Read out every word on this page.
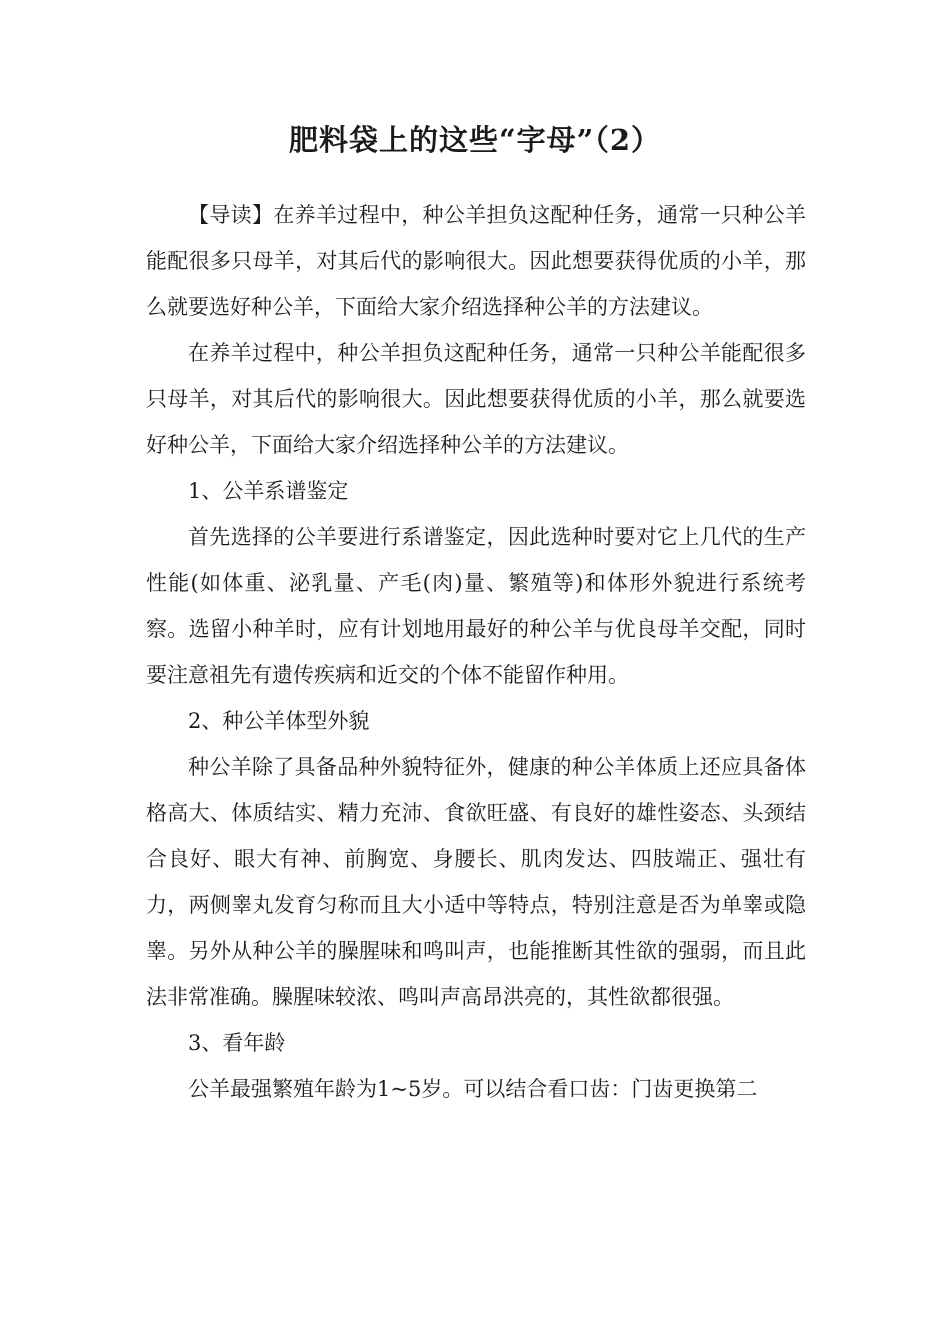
肥料袋上的这些“字母”（2）

【导读】在养羊过程中，种公羊担负这配种任务，通常一只种公羊能配很多只母羊，对其后代的影响很大。因此想要获得优质的小羊，那么就要选好种公羊，下面给大家介绍选择种公羊的方法建议。

在养羊过程中，种公羊担负这配种任务，通常一只种公羊能配很多只母羊，对其后代的影响很大。因此想要获得优质的小羊，那么就要选好种公羊，下面给大家介绍选择种公羊的方法建议。

1、公羊系谱鉴定

首先选择的公羊要进行系谱鉴定，因此选种时要对它上几代的生产性能(如体重、泌乳量、产毛(肉)量、繁殖等)和体形外貌进行系统考察。选留小种羊时，应有计划地用最好的种公羊与优良母羊交配，同时要注意祖先有遗传疾病和近交的个体不能留作种用。

2、种公羊体型外貌

种公羊除了具备品种外貌特征外，健康的种公羊体质上还应具备体格高大、体质结实、精力充沛、食欲旺盛、有良好的雄性姿态、头颈结合良好、眼大有神、前胸宽、身腰长、肌肉发达、四肢端正、强壮有力，两侧睾丸发育匀称而且大小适中等特点，特别注意是否为单睾或隐睾。另外从种公羊的臊腥味和鸣叫声，也能推断其性欲的强弱，而且此法非常准确。臊腥味较浓、鸣叫声高昂洪亮的，其性欲都很强。

3、看年龄

公羊最强繁殖年龄为1~5岁。可以结合看口齿：门齿更换第二
